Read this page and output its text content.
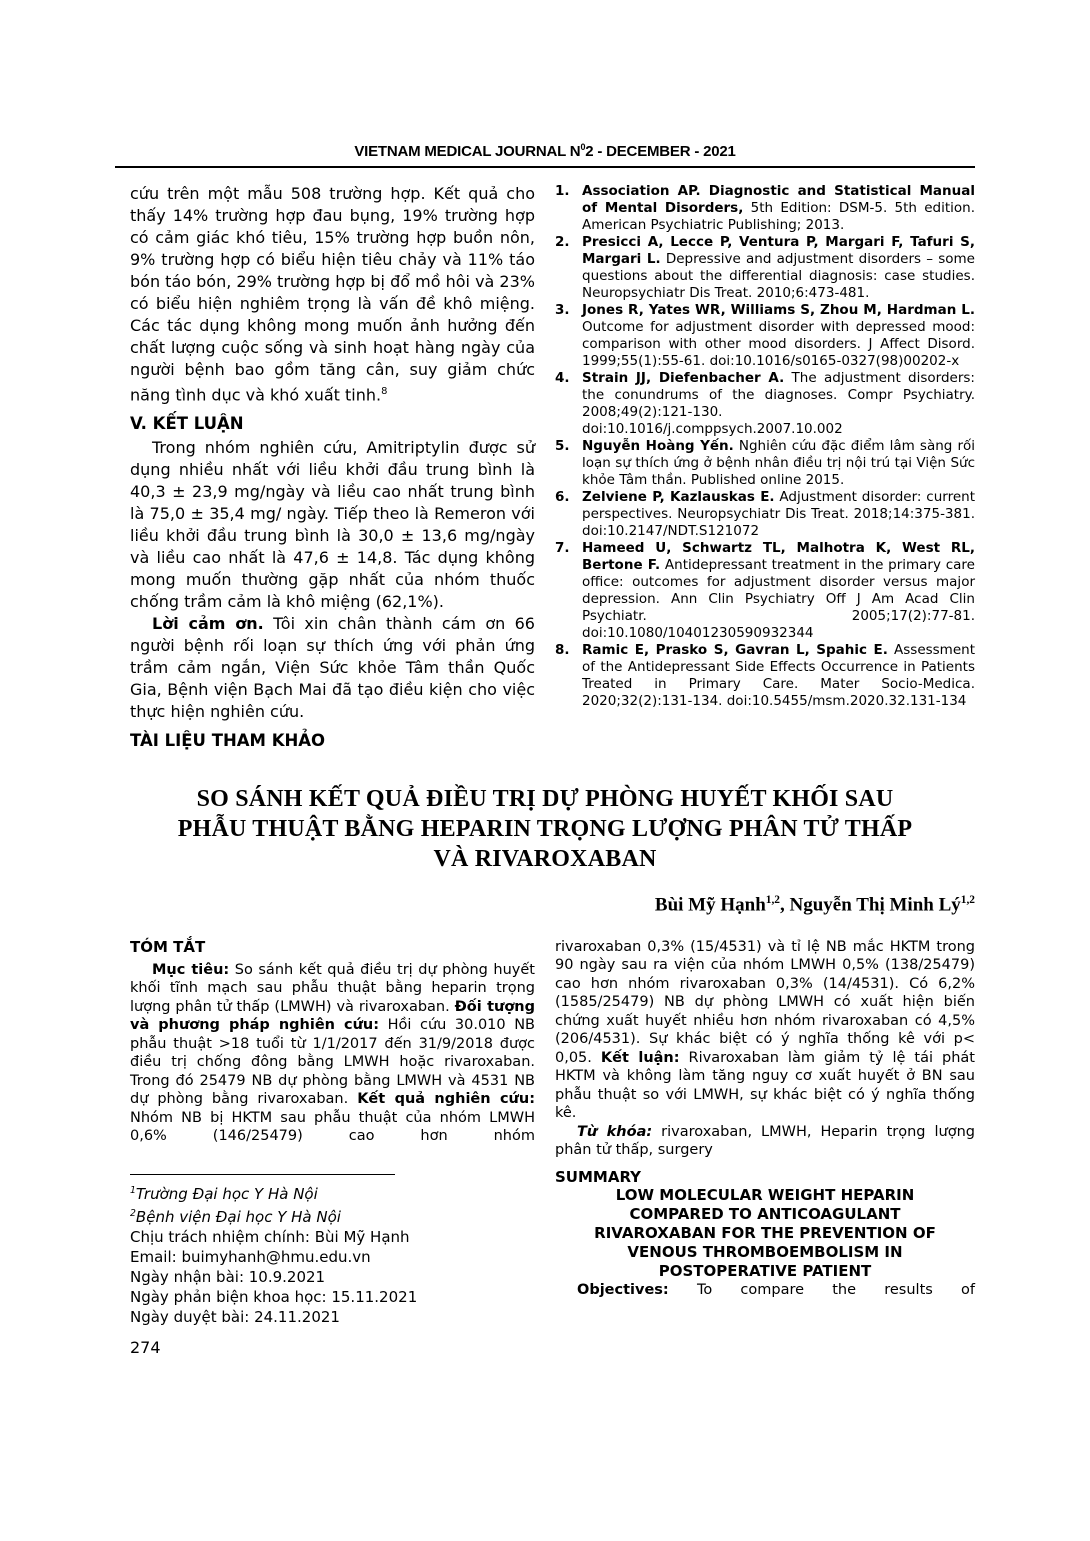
VIETNAM MEDICAL JOURNAL $N^02$ - DECEMBER - 2021

cứu trên một mẫu 508 trường hợp. Kết quả cho thấy 14% trường hợp đau bụng, 19% trường hợp có cảm giác khó tiêu, 15% trường hợp buồn nôn, 9% trường hợp có biểu hiện tiêu chảy và 11% táo bón táo bón, 29% trường hợp bị đổ mồ hôi và 23% có biểu hiện nghiêm trọng là vấn đề khô miệng. Các tác dụng không mong muốn ảnh hưởng đến chất lượng cuộc sống và sinh hoạt hàng ngày của người bệnh bao gồm tăng cân, suy giảm chức năng tình dục và khó xuất tinh.$^8$

V. KẾT LUẬN

Trong nhóm nghiên cứu, Amitriptylin được sử dụng nhiều nhất với liều khởi đầu trung bình là 40,3 ± 23,9 mg/ngày và liều cao nhất trung bình là 75,0 ± 35,4 mg/ ngày. Tiếp theo là Remeron với liều khởi đầu trung bình là 30,0 ± 13,6 mg/ngày và liều cao nhất là 47,6 ± 14,8. Tác dụng không mong muốn thường gặp nhất của nhóm thuốc chống trầm cảm là khô miệng (62,1%).

Lời cảm ơn. Tôi xin chân thành cám ơn 66 người bệnh rối loạn sự thích ứng với phản ứng trầm cảm ngắn, Viện Sức khỏe Tâm thần Quốc Gia, Bệnh viện Bạch Mai đã tạo điều kiện cho việc thực hiện nghiên cứu.

TÀI LIỆU THAM KHẢO
1. Association AP. Diagnostic and Statistical Manual of Mental Disorders, 5th Edition: DSM-5. 5th edition. American Psychiatric Publishing; 2013.
2. Presicci A, Lecce P, Ventura P, Margari F, Tafuri S, Margari L. Depressive and adjustment disorders – some questions about the differential diagnosis: case studies. Neuropsychiatr Dis Treat. 2010;6:473-481.
3. Jones R, Yates WR, Williams S, Zhou M, Hardman L. Outcome for adjustment disorder with depressed mood: comparison with other mood disorders. J Affect Disord. 1999;55(1):55-61. doi:10.1016/s0165-0327(98)00202-x
4. Strain JJ, Diefenbacher A. The adjustment disorders: the conundrums of the diagnoses. Compr Psychiatry. 2008;49(2):121-130. doi:10.1016/j.comppsych.2007.10.002
5. Nguyễn Hoàng Yến. Nghiên cứu đặc điểm lâm sàng rối loạn sự thích ứng ở bệnh nhân điều trị nội trú tại Viện Sức khỏe Tâm thần. Published online 2015.
6. Zelviene P, Kazlauskas E. Adjustment disorder: current perspectives. Neuropsychiatr Dis Treat. 2018;14:375-381. doi:10.2147/NDT.S121072
7. Hameed U, Schwartz TL, Malhotra K, West RL, Bertone F. Antidepressant treatment in the primary care office: outcomes for adjustment disorder versus major depression. Ann Clin Psychiatry Off J Am Acad Clin Psychiatr. 2005;17(2):77-81. doi:10.1080/10401230590932344
8. Ramic E, Prasko S, Gavran L, Spahic E. Assessment of the Antidepressant Side Effects Occurrence in Patients Treated in Primary Care. Mater Socio-Medica. 2020;32(2):131-134. doi:10.5455/msm.2020.32.131-134
SO SÁNH KẾT QUẢ ĐIỀU TRỊ DỰ PHÒNG HUYẾT KHỐI SAU
PHẪU THUẬT BẰNG HEPARIN TRỌNG LƯỢNG PHÂN TỬ THẤP
VÀ RIVAROXABAN
Bùi Mỹ Hạnh$^{1,2}$, Nguyễn Thị Minh Lý$^{1,2}$
TÓM TẮT

Mục tiêu: So sánh kết quả điều trị dự phòng huyết khối tĩnh mạch sau phẫu thuật bằng heparin trọng lượng phân tử thấp (LMWH) và rivaroxaban. Đối tượng và phương pháp nghiên cứu: Hồi cứu 30.010 NB phẫu thuật >18 tuổi từ 1/1/2017 đến 31/9/2018 được điều trị chống đông bằng LMWH hoặc rivaroxaban. Trong đó 25479 NB dự phòng bằng LMWH và 4531 NB dự phòng bằng rivaroxaban. Kết quả nghiên cứu: Nhóm NB bị HKTM sau phẫu thuật của nhóm LMWH 0,6% (146/25479) cao hơn nhóm

$^1$Trường Đại học Y Hà Nội

$^2$Bệnh viện Đại học Y Hà Nội

Chịu trách nhiệm chính: Bùi Mỹ Hạnh

Email: buimyhanh@hmu.edu.vn

Ngày nhận bài: 10.9.2021

Ngày phản biện khoa học: 15.11.2021

Ngày duyệt bài: 24.11.2021

rivaroxaban 0,3% (15/4531) và tỉ lệ NB mắc HKTM trong 90 ngày sau ra viện của nhóm LMWH 0,5% (138/25479) cao hơn nhóm rivaroxaban 0,3% (14/4531). Có 6,2% (1585/25479) NB dự phòng LMWH có xuất hiện biến chứng xuất huyết nhiều hơn nhóm rivaroxaban có 4,5% (206/4531). Sự khác biệt có ý nghĩa thống kê với p< 0,05. Kết luận: Rivaroxaban làm giảm tỷ lệ tái phát HKTM và không làm tăng nguy cơ xuất huyết ở BN sau phẫu thuật so với LMWH, sự khác biệt có ý nghĩa thống kê.

Từ khóa: rivaroxaban, LMWH, Heparin trọng lượng phân tử thấp, surgery

SUMMARY
LOW MOLECULAR WEIGHT HEPARIN
COMPARED TO ANTICOAGULANT
RIVAROXABAN FOR THE PREVENTION OF
VENOUS THROMBOEMBOLISM IN
POSTOPERATIVE PATIENT

Objectives: To compare the results of

274
